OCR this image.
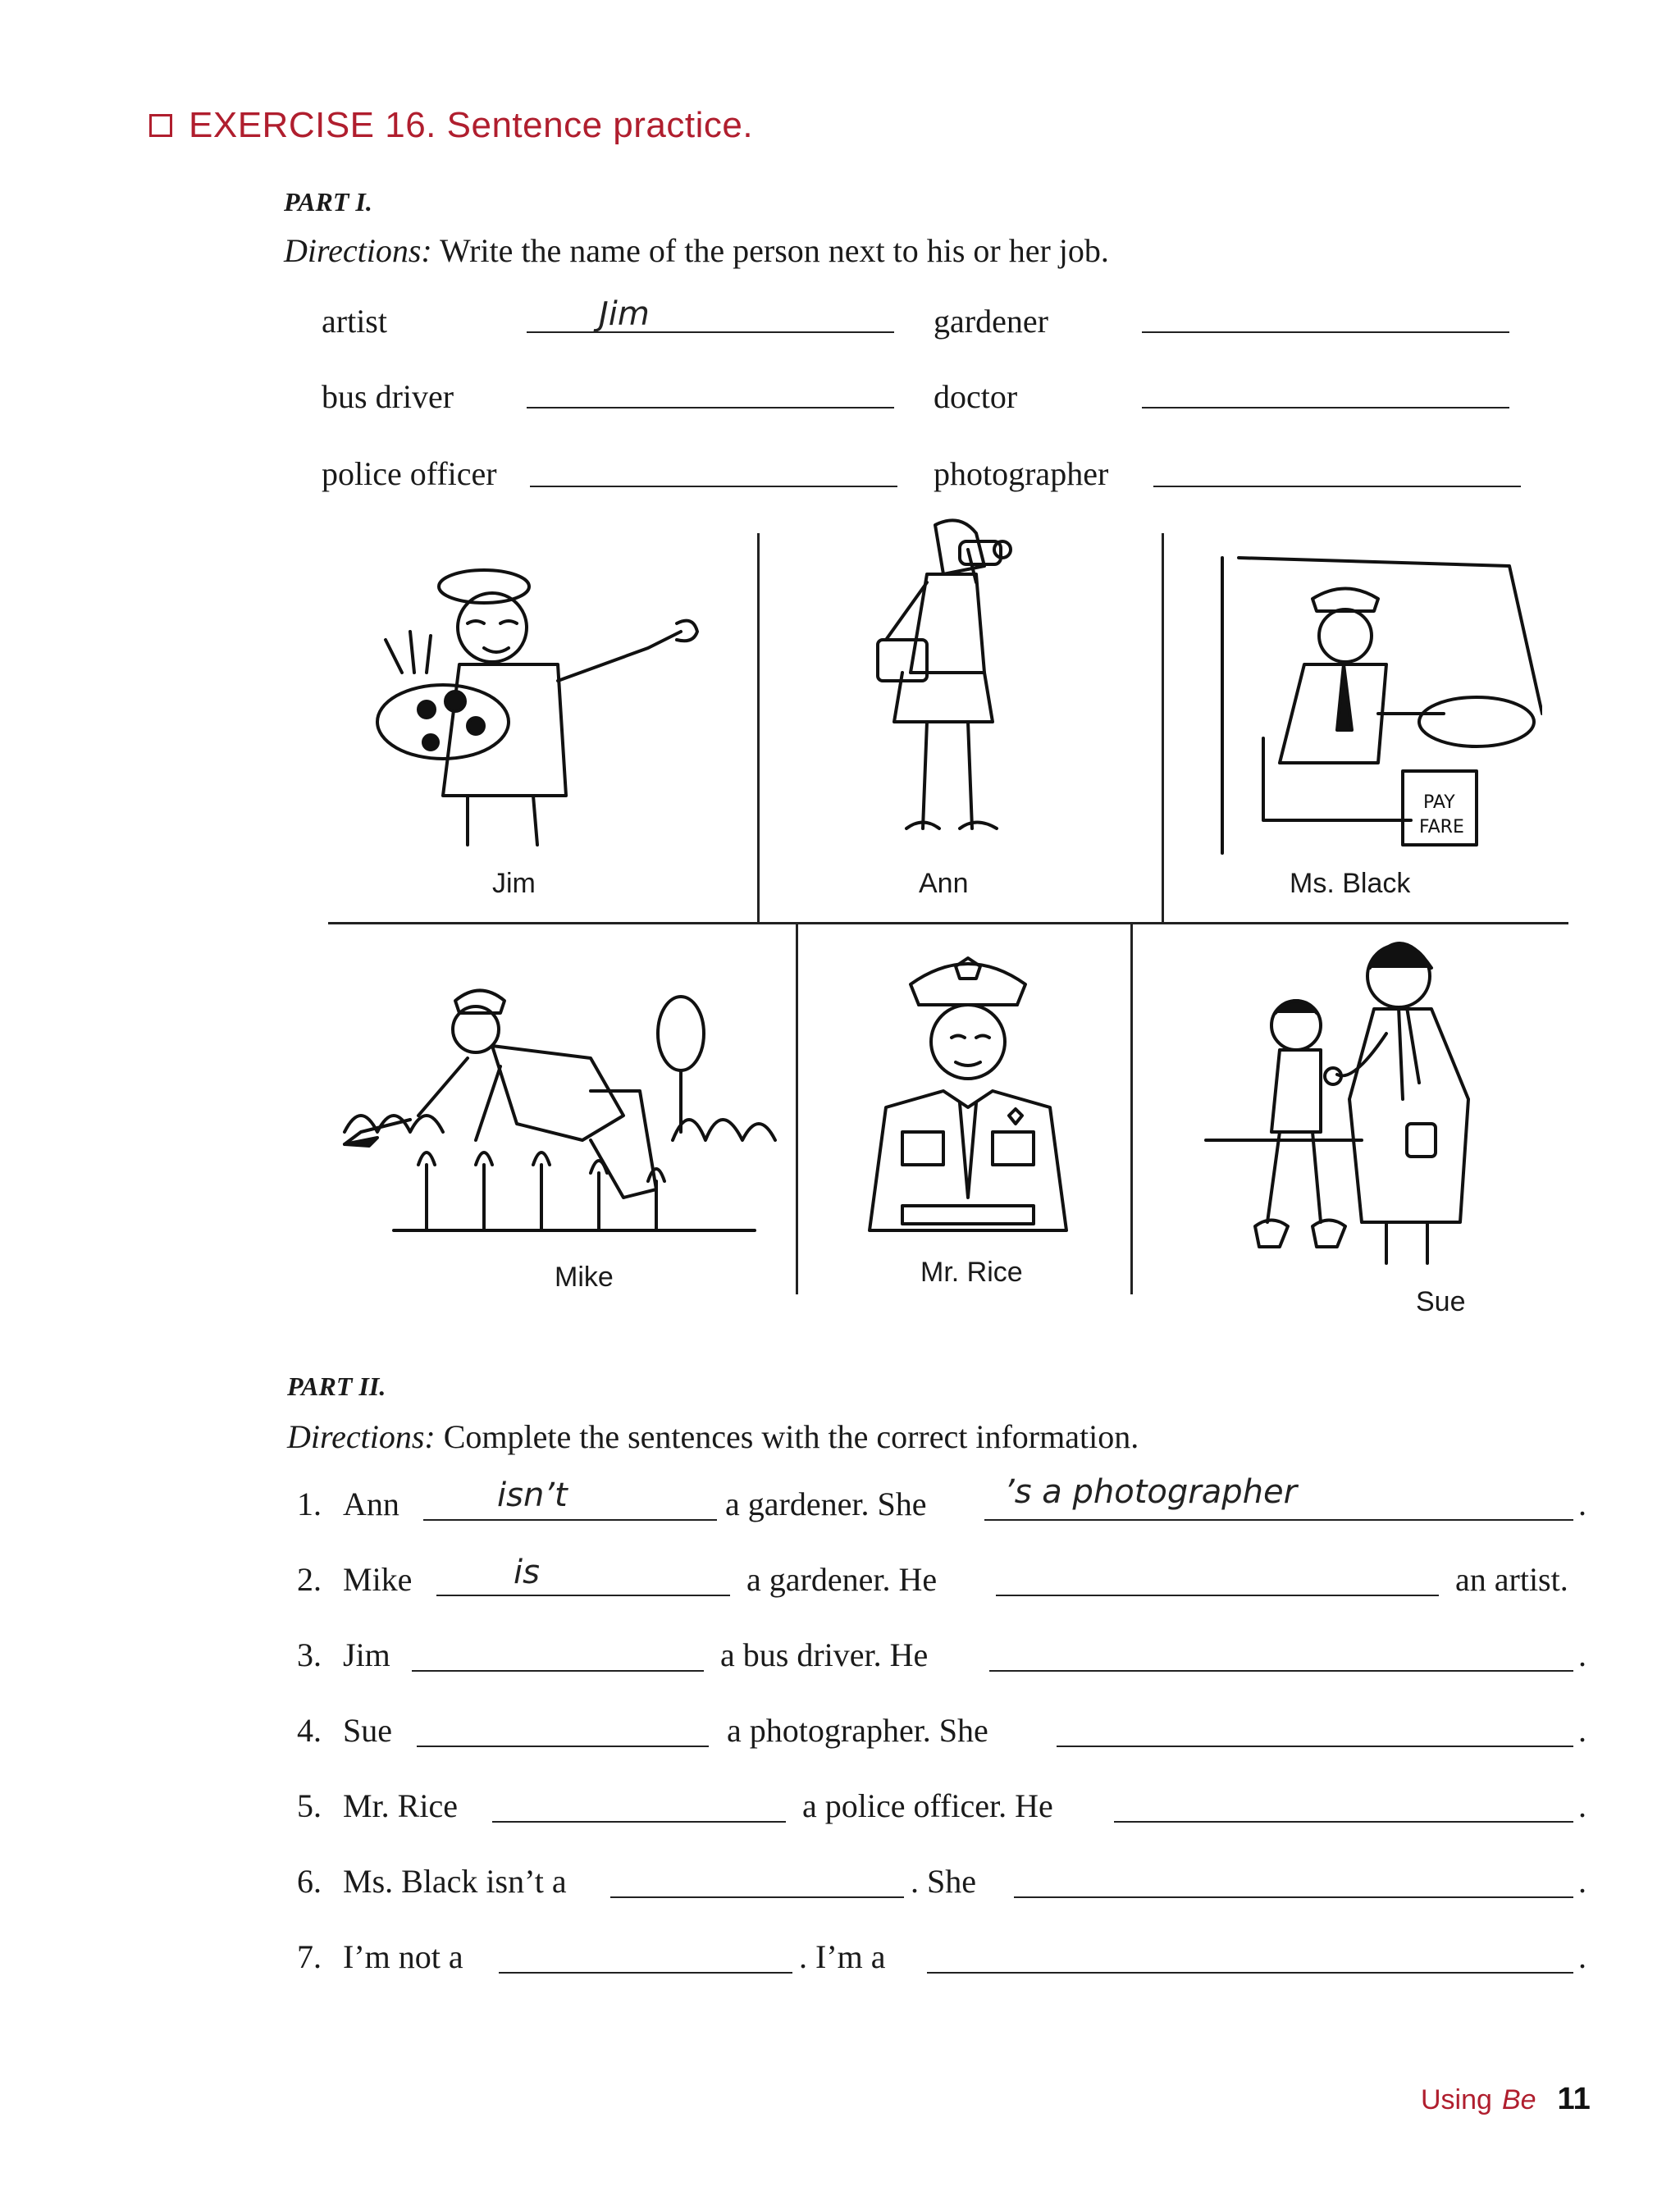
EXERCISE 16. Sentence practice.
PART I.
Directions: Write the name of the person next to his or her job.
artist	Jim	gardener
bus driver	doctor
police officer	photographer
Jim	Ann
FARE
PAY
Ms. Black
Mike	Mr. Rice
Sue
PART II.
Directions: Complete the sentences with the correct information.
1. Ann	isn’t	a gardener. She ’s a photographer	.
2. Mike	is	a gardener. He	an artist.
3. Jim	a bus driver. He	.
4. Sue	a photographer. She	.
5. Mr. Rice	a police officer. He	.
6. Ms. Black isn’t a	. She	.
7. I’m not a	. I’m a	.
Using Be 11
